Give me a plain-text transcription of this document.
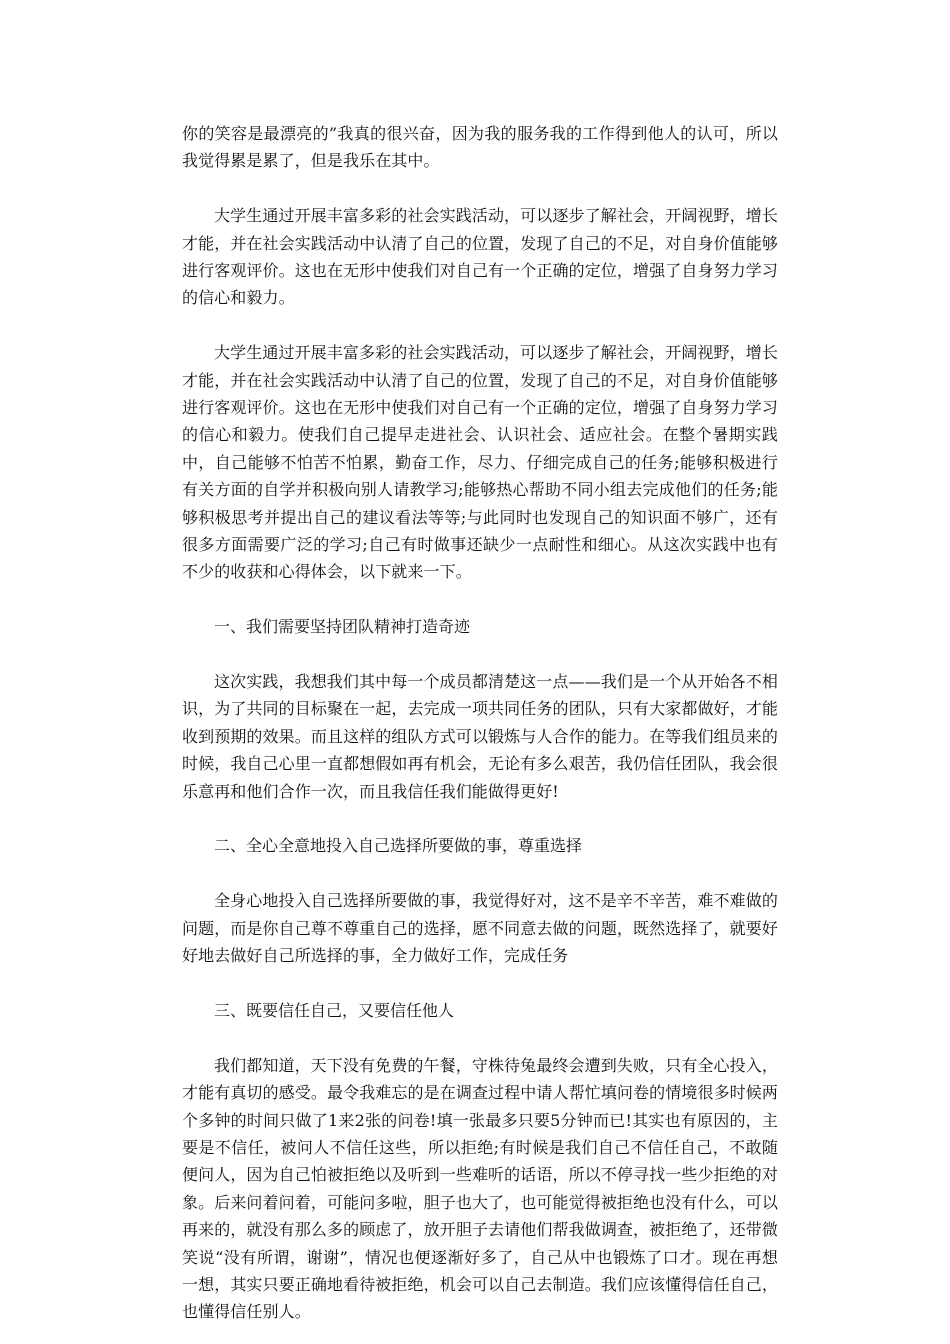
你的笑容是最漂亮的”我真的很兴奋，因为我的服务我的工作得到他人的认可，所以我觉得累是累了，但是我乐在其中。

大学生通过开展丰富多彩的社会实践活动，可以逐步了解社会，开阔视野，增长才能，并在社会实践活动中认清了自己的位置，发现了自己的不足，对自身价值能够进行客观评价。这也在无形中使我们对自己有一个正确的定位，增强了自身努力学习的信心和毅力。

大学生通过开展丰富多彩的社会实践活动，可以逐步了解社会，开阔视野，增长才能，并在社会实践活动中认清了自己的位置，发现了自己的不足，对自身价值能够进行客观评价。这也在无形中使我们对自己有一个正确的定位，增强了自身努力学习的信心和毅力。使我们自己提早走进社会、认识社会、适应社会。在整个暑期实践中，自己能够不怕苦不怕累，勤奋工作，尽力、仔细完成自己的任务;能够积极进行有关方面的自学并积极向别人请教学习;能够热心帮助不同小组去完成他们的任务;能够积极思考并提出自己的建议看法等等;与此同时也发现自己的知识面不够广，还有很多方面需要广泛的学习;自己有时做事还缺少一点耐性和细心。从这次实践中也有不少的收获和心得体会，以下就来一下。

一、我们需要坚持团队精神打造奇迹

这次实践，我想我们其中每一个成员都清楚这一点——我们是一个从开始各不相识，为了共同的目标聚在一起，去完成一项共同任务的团队，只有大家都做好，才能收到预期的效果。而且这样的组队方式可以锻炼与人合作的能力。在等我们组员来的时候，我自己心里一直都想假如再有机会，无论有多么艰苦，我仍信任团队，我会很乐意再和他们合作一次，而且我信任我们能做得更好!

二、全心全意地投入自己选择所要做的事，尊重选择

全身心地投入自己选择所要做的事，我觉得好对，这不是辛不辛苦，难不难做的问题，而是你自己尊不尊重自己的选择，愿不同意去做的问题，既然选择了，就要好好地去做好自己所选择的事，全力做好工作，完成任务

三、既要信任自己，又要信任他人

我们都知道，天下没有免费的午餐，守株待兔最终会遭到失败，只有全心投入，才能有真切的感受。最令我难忘的是在调查过程中请人帮忙填问卷的情境很多时候两个多钟的时间只做了1来2张的问卷!填一张最多只要5分钟而已!其实也有原因的，主要是不信任，被问人不信任这些，所以拒绝;有时候是我们自己不信任自己，不敢随便问人，因为自己怕被拒绝以及听到一些难听的话语，所以不停寻找一些少拒绝的对象。后来问着问着，可能问多啦，胆子也大了，也可能觉得被拒绝也没有什么，可以再来的，就没有那么多的顾虑了，放开胆子去请他们帮我做调查，被拒绝了，还带微笑说“没有所谓，谢谢”，情况也便逐渐好多了，自己从中也锻炼了口才。现在再想一想，其实只要正确地看待被拒绝，机会可以自己去制造。我们应该懂得信任自己，也懂得信任别人。
